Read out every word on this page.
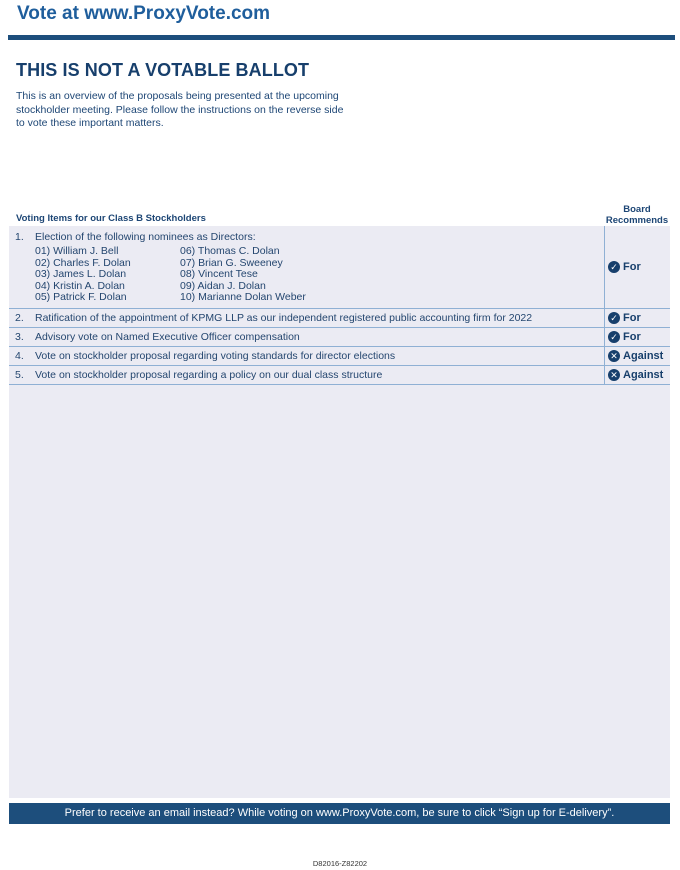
Vote at www.ProxyVote.com
THIS IS NOT A VOTABLE BALLOT
This is an overview of the proposals being presented at the upcoming stockholder meeting. Please follow the instructions on the reverse side to vote these important matters.
Board
Recommends
Voting Items for our Class B Stockholders
1. Election of the following nominees as Directors:
01) William J. Bell	06) Thomas C. Dolan
02) Charles F. Dolan	07) Brian G. Sweeney
03) James L. Dolan	08) Vincent Tese
04) Kristin A. Dolan	09) Aidan J. Dolan
05) Patrick F. Dolan	10) Marianne Dolan Weber
✓ For
2. Ratification of the appointment of KPMG LLP as our independent registered public accounting firm for 2022	✓ For
3. Advisory vote on Named Executive Officer compensation	✓ For
4. Vote on stockholder proposal regarding voting standards for director elections	✕ Against
5. Vote on stockholder proposal regarding a policy on our dual class structure	✕ Against
Prefer to receive an email instead? While voting on www.ProxyVote.com, be sure to click “Sign up for E-delivery”.
D82016-Z82202
